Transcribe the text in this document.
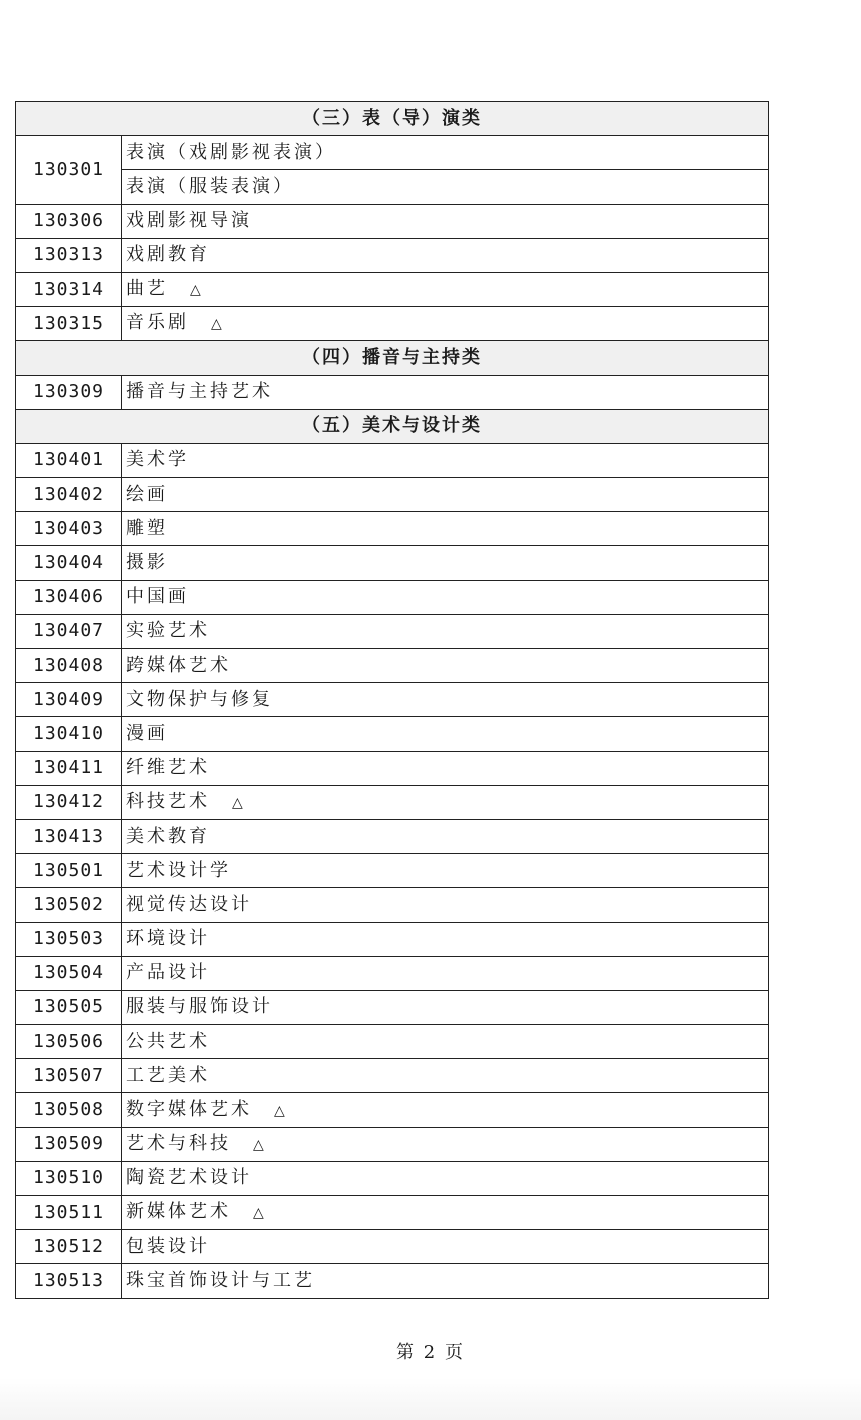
（三）表（导）演类	
130301	表演（戏剧影视表演）
	表演（服装表演）
130306	戏剧影视导演
130313	戏剧教育
130314	曲艺 △
130315	音乐剧 △
（四）播音与主持类	
130309	播音与主持艺术
（五）美术与设计类	
130401	美术学
130402	绘画
130403	雕塑
130404	摄影
130406	中国画
130407	实验艺术
130408	跨媒体艺术
130409	文物保护与修复
130410	漫画
130411	纤维艺术
130412	科技艺术 △
130413	美术教育
130501	艺术设计学
130502	视觉传达设计
130503	环境设计
130504	产品设计
130505	服装与服饰设计
130506	公共艺术
130507	工艺美术
130508	数字媒体艺术 △
130509	艺术与科技 △
130510	陶瓷艺术设计
130511	新媒体艺术 △
130512	包装设计
130513	珠宝首饰设计与工艺
第 2 页
